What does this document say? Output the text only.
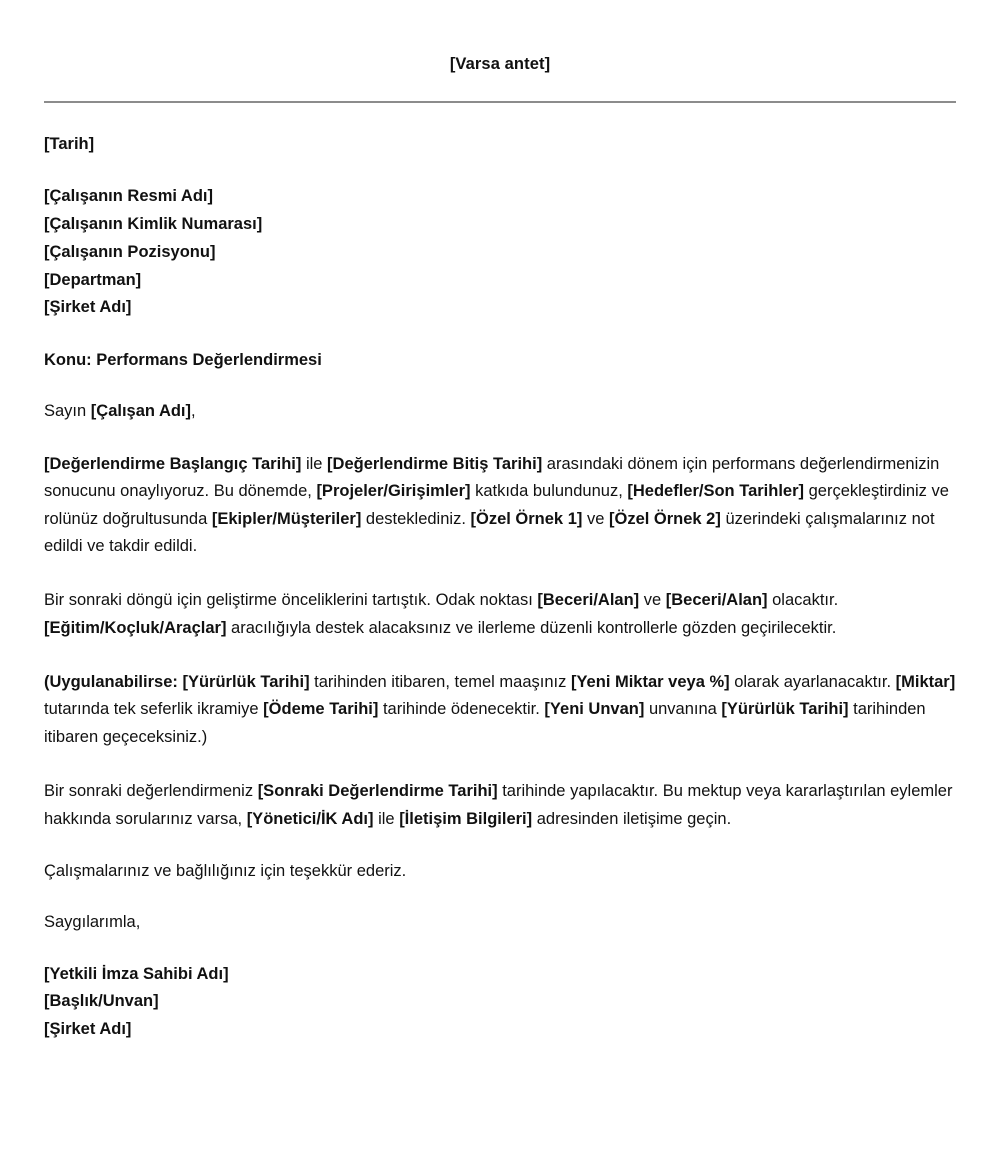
[Varsa antet]
[Tarih]
[Çalışanın Resmi Adı]
[Çalışanın Kimlik Numarası]
[Çalışanın Pozisyonu]
[Departman]
[Şirket Adı]
Konu: Performans Değerlendirmesi
Sayın [Çalışan Adı],

[Değerlendirme Başlangıç Tarihi] ile [Değerlendirme Bitiş Tarihi] arasındaki dönem için performans değerlendirmenizin sonucunu onaylıyoruz. Bu dönemde, [Projeler/Girişimler] katkıda bulundunuz, [Hedefler/Son Tarihler] gerçekleştirdiniz ve rolünüz doğrultusunda [Ekipler/Müşteriler] desteklediniz. [Özel Örnek 1] ve [Özel Örnek 2] üzerindeki çalışmalarınız not edildi ve takdir edildi.

Bir sonraki döngü için geliştirme önceliklerini tartıştık. Odak noktası [Beceri/Alan] ve [Beceri/Alan] olacaktır. [Eğitim/Koçluk/Araçlar] aracılığıyla destek alacaksınız ve ilerleme düzenli kontrollerle gözden geçirilecektir.

(Uygulanabilirse: [Yürürlük Tarihi] tarihinden itibaren, temel maaşınız [Yeni Miktar veya %] olarak ayarlanacaktır. [Miktar] tutarında tek seferlik ikramiye [Ödeme Tarihi] tarihinde ödenecektir. [Yeni Unvan] unvanına [Yürürlük Tarihi] tarihinden itibaren geçeceksiniz.)

Bir sonraki değerlendirmeniz [Sonraki Değerlendirme Tarihi] tarihinde yapılacaktır. Bu mektup veya kararlaştırılan eylemler hakkında sorularınız varsa, [Yönetici/İK Adı] ile [İletişim Bilgileri] adresinden iletişime geçin.

Çalışmalarınız ve bağlılığınız için teşekkür ederiz.
Saygılarımla,
[Yetkili İmza Sahibi Adı]
[Başlık/Unvan]
[Şirket Adı]
